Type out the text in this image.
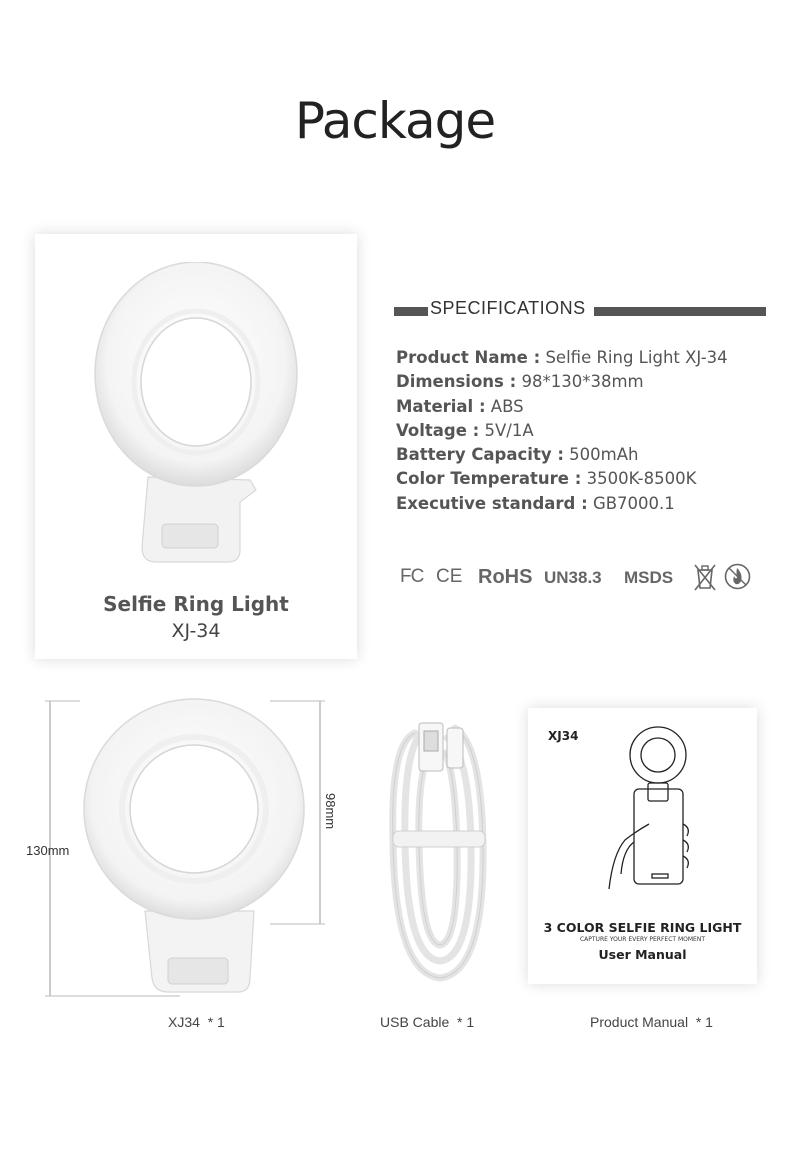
Package
Selfie Ring Light
XJ-34
SPECIFICATIONS
Product Name : Selfie Ring Light XJ-34
Dimensions : 98*130*38mm
Material : ABS
Voltage : 5V/1A
Battery Capacity : 500mAh
Color Temperature : 3500K-8500K
Executive standard : GB7000.1
FC CE RoHS UN38.3 MSDS
130mm
98mm
XJ34
3 COLOR SELFIE RING LIGHT
CAPTURE YOUR EVERY PERFECT MOMENT
User Manual
XJ34 * 1	USB Cable * 1	Product Manual * 1
